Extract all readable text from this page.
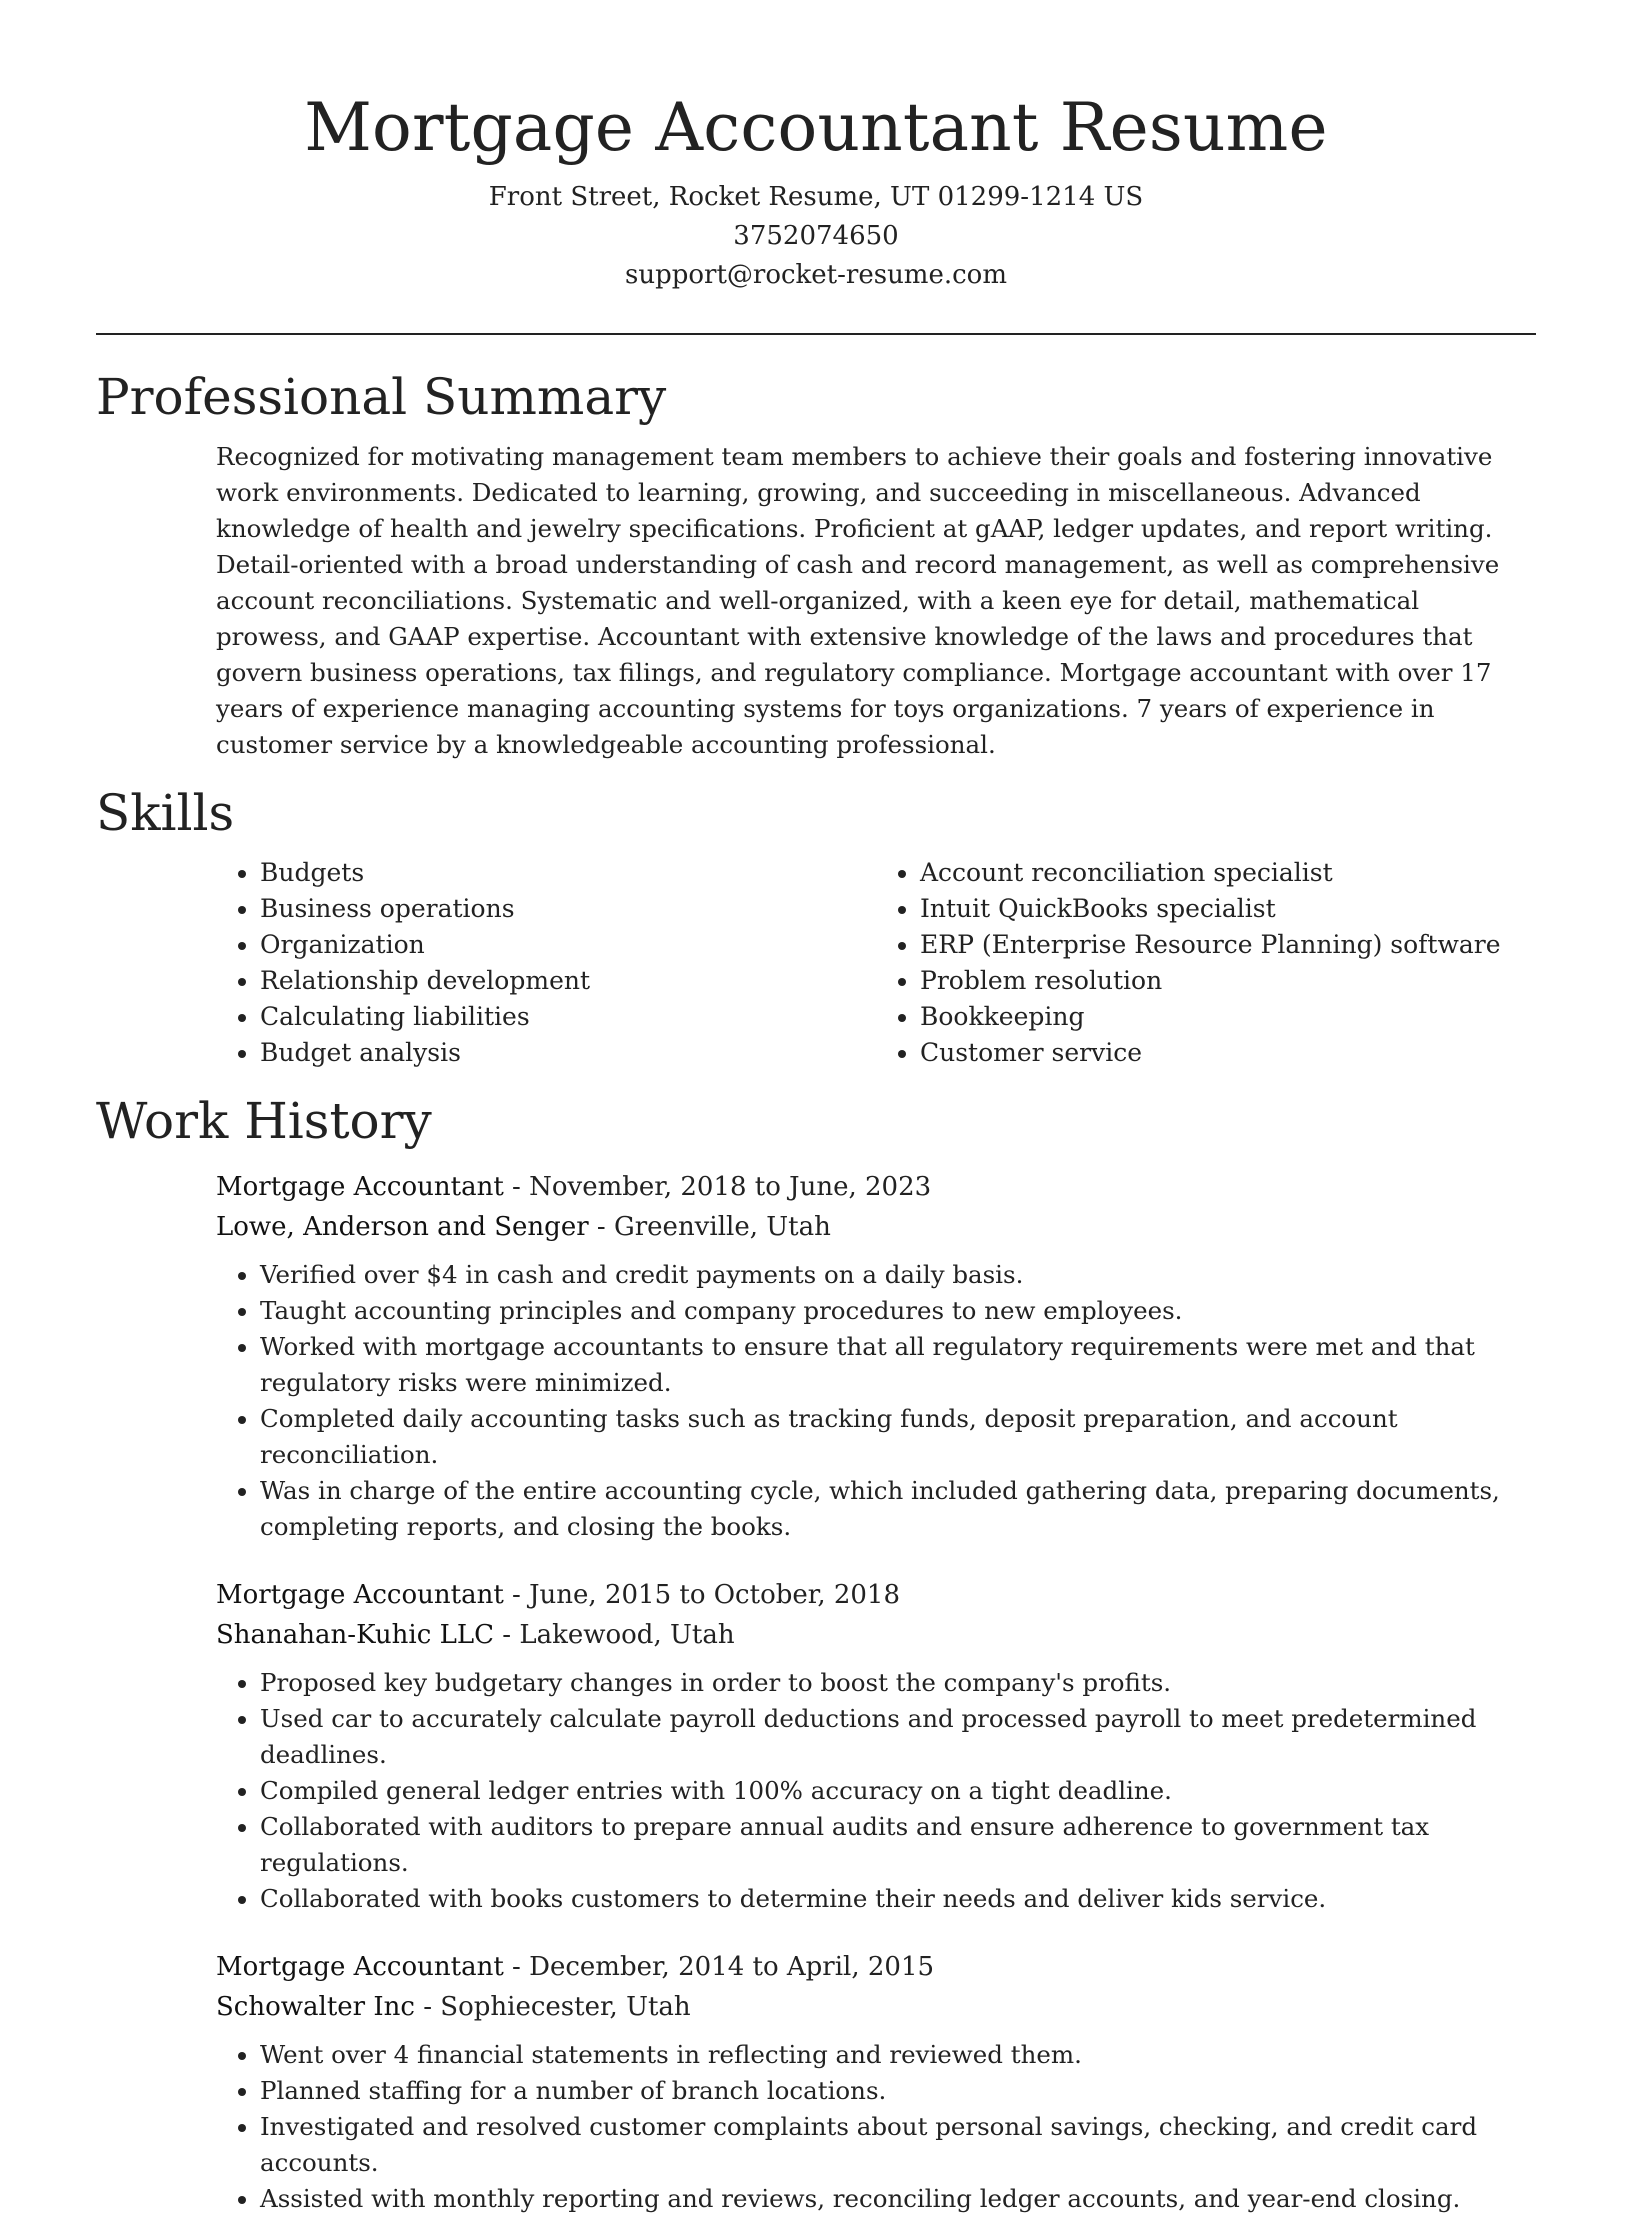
Mortgage Accountant Resume
Front Street, Rocket Resume, UT 01299-1214 US
3752074650
support@rocket-resume.com
Professional Summary
Recognized for motivating management team members to achieve their goals and fostering innovative work environments. Dedicated to learning, growing, and succeeding in miscellaneous. Advanced knowledge of health and jewelry specifications. Proficient at gAAP, ledger updates, and report writing. Detail-oriented with a broad understanding of cash and record management, as well as comprehensive account reconciliations. Systematic and well-organized, with a keen eye for detail, mathematical prowess, and GAAP expertise. Accountant with extensive knowledge of the laws and procedures that govern business operations, tax filings, and regulatory compliance. Mortgage accountant with over 17 years of experience managing accounting systems for toys organizations. 7 years of experience in customer service by a knowledgeable accounting professional.
Skills
• Budgets
• Business operations
• Organization
• Relationship development
• Calculating liabilities
• Budget analysis
• Account reconciliation specialist
• Intuit QuickBooks specialist
• ERP (Enterprise Resource Planning) software
• Problem resolution
• Bookkeeping
• Customer service
Work History
Mortgage Accountant - November, 2018 to June, 2023
Lowe, Anderson and Senger - Greenville, Utah
• Verified over $4 in cash and credit payments on a daily basis.
• Taught accounting principles and company procedures to new employees.
• Worked with mortgage accountants to ensure that all regulatory requirements were met and that regulatory risks were minimized.
• Completed daily accounting tasks such as tracking funds, deposit preparation, and account reconciliation.
• Was in charge of the entire accounting cycle, which included gathering data, preparing documents, completing reports, and closing the books.
Mortgage Accountant - June, 2015 to October, 2018
Shanahan-Kuhic LLC - Lakewood, Utah
• Proposed key budgetary changes in order to boost the company's profits.
• Used car to accurately calculate payroll deductions and processed payroll to meet predetermined deadlines.
• Compiled general ledger entries with 100% accuracy on a tight deadline.
• Collaborated with auditors to prepare annual audits and ensure adherence to government tax regulations.
• Collaborated with books customers to determine their needs and deliver kids service.
Mortgage Accountant - December, 2014 to April, 2015
Schowalter Inc - Sophiecester, Utah
• Went over 4 financial statements in reflecting and reviewed them.
• Planned staffing for a number of branch locations.
• Investigated and resolved customer complaints about personal savings, checking, and credit card accounts.
• Assisted with monthly reporting and reviews, reconciling ledger accounts, and year-end closing.
